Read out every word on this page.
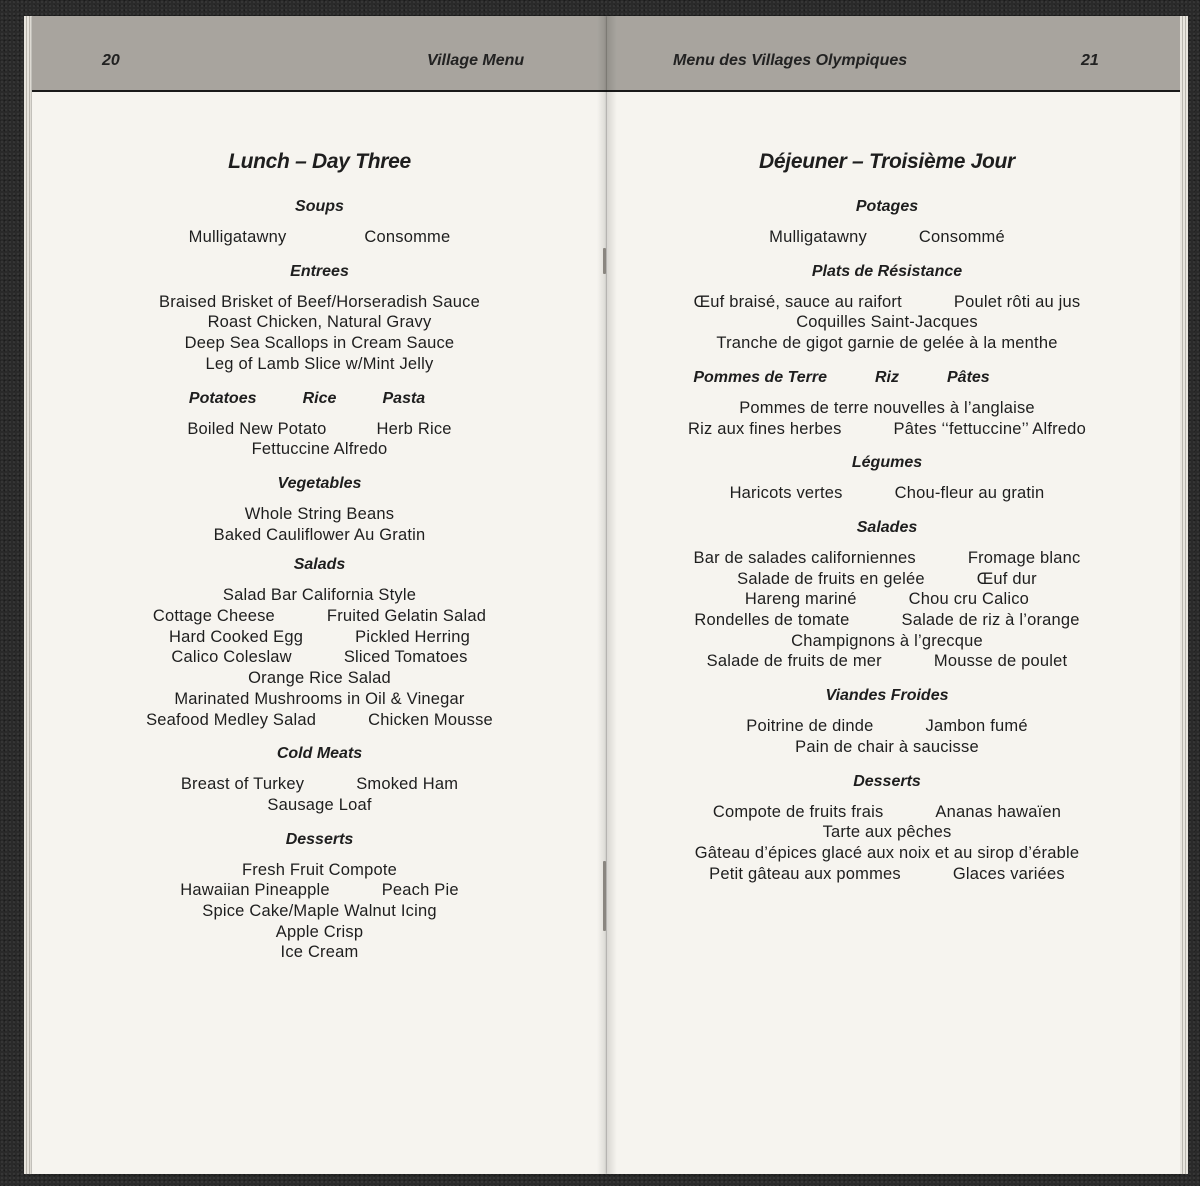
20	Village Menu
Lunch – Day Three
Soups
Mulligatawny	Consomme
Entrees
Braised Brisket of Beef/Horseradish Sauce
Roast Chicken, Natural Gravy
Deep Sea Scallops in Cream Sauce
Leg of Lamb Slice w/Mint Jelly
Potatoes	Rice	Pasta
Boiled New Potato	Herb Rice
Fettuccine Alfredo
Vegetables
Whole String Beans
Baked Cauliflower Au Gratin
Salads
Salad Bar California Style
Cottage Cheese	Fruited Gelatin Salad
Hard Cooked Egg	Pickled Herring
Calico Coleslaw	Sliced Tomatoes
Orange Rice Salad
Marinated Mushrooms in Oil & Vinegar
Seafood Medley Salad	Chicken Mousse
Cold Meats
Breast of Turkey	Smoked Ham
Sausage Loaf
Desserts
Fresh Fruit Compote
Hawaiian Pineapple	Peach Pie
Spice Cake/Maple Walnut Icing
Apple Crisp
Ice Cream
Menu des Villages Olympiques	21
Déjeuner – Troisième Jour
Potages
Mulligatawny	Consommé
Plats de Résistance
Œuf braisé, sauce au raifort	Poulet rôti au jus
Coquilles Saint-Jacques
Tranche de gigot garnie de gelée à la menthe
Pommes de Terre	Riz	Pâtes
Pommes de terre nouvelles à l’anglaise
Riz aux fines herbes	Pâtes ‘‘fettuccine’’ Alfredo
Légumes
Haricots vertes	Chou-fleur au gratin
Salades
Bar de salades californiennes	Fromage blanc
Salade de fruits en gelée	Œuf dur
Hareng mariné	Chou cru Calico
Rondelles de tomate	Salade de riz à l’orange
Champignons à l’grecque
Salade de fruits de mer	Mousse de poulet
Viandes Froides
Poitrine de dinde	Jambon fumé
Pain de chair à saucisse
Desserts
Compote de fruits frais	Ananas hawaïen
Tarte aux pêches
Gâteau d’épices glacé aux noix et au sirop d’érable
Petit gâteau aux pommes	Glaces variées
